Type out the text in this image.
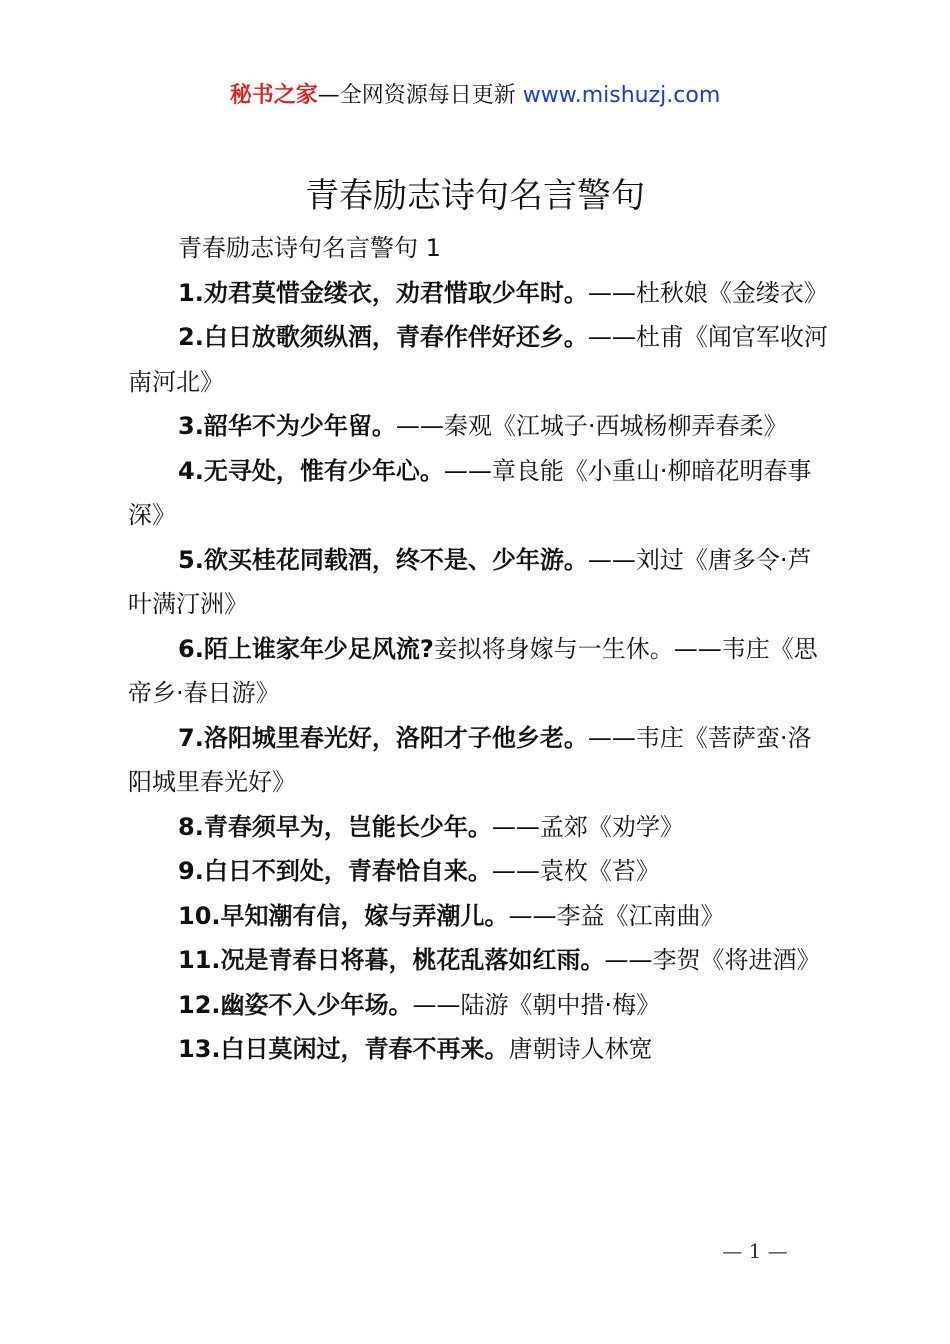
秘书之家—全网资源每日更新 www.mishuzj.com
青春励志诗句名言警句

青春励志诗句名言警句 1

1.劝君莫惜金缕衣，劝君惜取少年时。——杜秋娘《金缕衣》

2.白日放歌须纵酒，青春作伴好还乡。——杜甫《闻官军收河南河北》

3.韶华不为少年留。——秦观《江城子·西城杨柳弄春柔》

4.无寻处，惟有少年心。——章良能《小重山·柳暗花明春事深》

5.欲买桂花同载酒，终不是、少年游。——刘过《唐多令·芦叶满汀洲》

6.陌上谁家年少足风流?妾拟将身嫁与一生休。——韦庄《思帝乡·春日游》

7.洛阳城里春光好，洛阳才子他乡老。——韦庄《菩萨蛮·洛阳城里春光好》

8.青春须早为，岂能长少年。——孟郊《劝学》

9.白日不到处，青春恰自来。——袁枚《苔》

10.早知潮有信，嫁与弄潮儿。——李益《江南曲》

11.况是青春日将暮，桃花乱落如红雨。——李贺《将进酒》

12.幽姿不入少年场。——陆游《朝中措·梅》

13.白日莫闲过，青春不再来。唐朝诗人林宽

— 1 —
